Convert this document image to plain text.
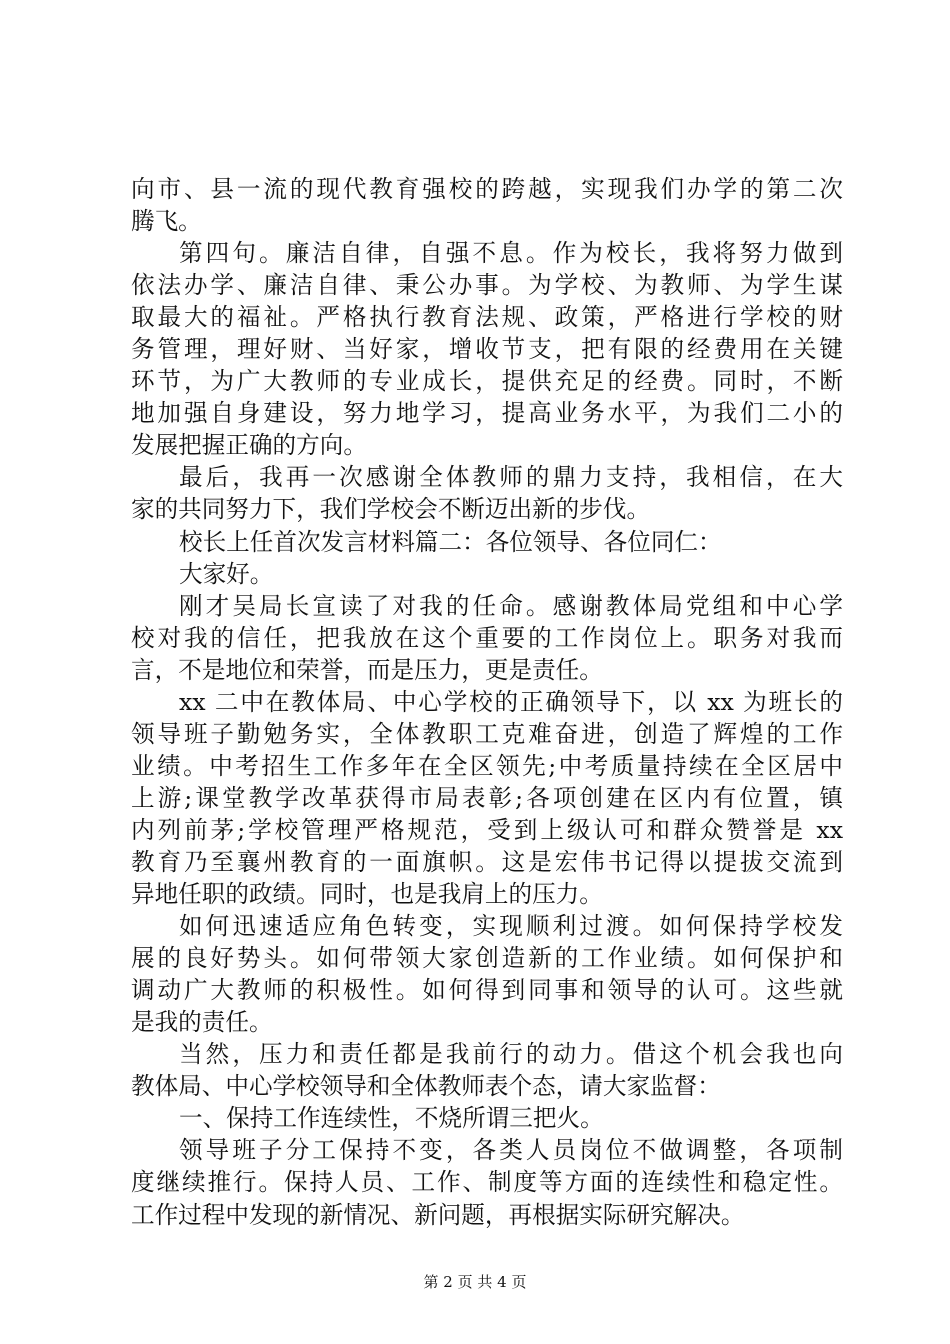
向市、县一流的现代教育强校的跨越，实现我们办学的第二次
腾飞。
第四句。廉洁自律，自强不息。作为校长，我将努力做到
依法办学、廉洁自律、秉公办事。为学校、为教师、为学生谋
取最大的福祉。严格执行教育法规、政策，严格进行学校的财
务管理，理好财、当好家，增收节支，把有限的经费用在关键
环节，为广大教师的专业成长，提供充足的经费。同时，不断
地加强自身建设，努力地学习，提高业务水平，为我们二小的
发展把握正确的方向。
最后，我再一次感谢全体教师的鼎力支持，我相信，在大
家的共同努力下，我们学校会不断迈出新的步伐。
校长上任首次发言材料篇二：各位领导、各位同仁：
大家好。
刚才吴局长宣读了对我的任命。感谢教体局党组和中心学
校对我的信任，把我放在这个重要的工作岗位上。职务对我而
言，不是地位和荣誉，而是压力，更是责任。
xx 二中在教体局、中心学校的正确领导下，以 xx 为班长的
领导班子勤勉务实，全体教职工克难奋进，创造了辉煌的工作
业绩。中考招生工作多年在全区领先;中考质量持续在全区居中
上游;课堂教学改革获得市局表彰;各项创建在区内有位置，镇
内列前茅;学校管理严格规范，受到上级认可和群众赞誉是 xx
教育乃至襄州教育的一面旗帜。这是宏伟书记得以提拔交流到
异地任职的政绩。同时，也是我肩上的压力。
如何迅速适应角色转变，实现顺利过渡。如何保持学校发
展的良好势头。如何带领大家创造新的工作业绩。如何保护和
调动广大教师的积极性。如何得到同事和领导的认可。这些就
是我的责任。
当然，压力和责任都是我前行的动力。借这个机会我也向
教体局、中心学校领导和全体教师表个态，请大家监督：
一、保持工作连续性，不烧所谓三把火。
领导班子分工保持不变，各类人员岗位不做调整，各项制
度继续推行。保持人员、工作、制度等方面的连续性和稳定性。
工作过程中发现的新情况、新问题，再根据实际研究解决。
第 2 页 共 4 页
